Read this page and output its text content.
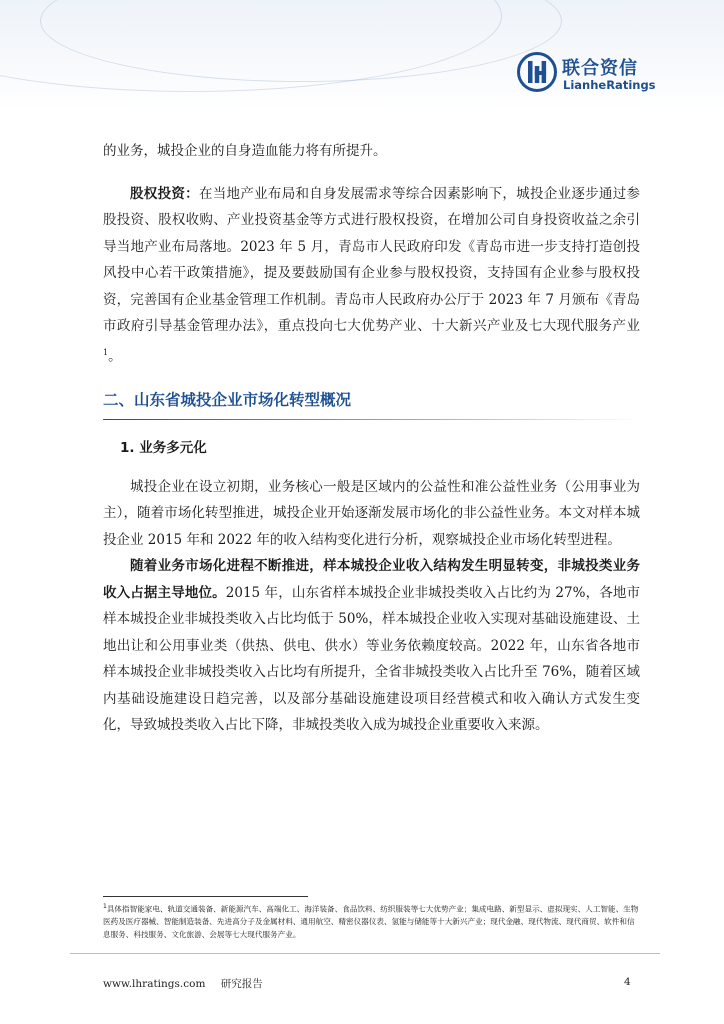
联合资信
LianheRatings

的业务，城投企业的自身造血能力将有所提升。

股权投资：在当地产业布局和自身发展需求等综合因素影响下，城投企业逐步通过参股投资、股权收购、产业投资基金等方式进行股权投资，在增加公司自身投资收益之余引导当地产业布局落地。2023 年 5 月，青岛市人民政府印发《青岛市进一步支持打造创投风投中心若干政策措施》，提及要鼓励国有企业参与股权投资，支持国有企业参与股权投资，完善国有企业基金管理工作机制。青岛市人民政府办公厅于 2023 年 7 月颁布《青岛市政府引导基金管理办法》，重点投向七大优势产业、十大新兴产业及七大现代服务产业$^1$。

二、山东省城投企业市场化转型概况
1. 业务多元化

城投企业在设立初期，业务核心一般是区域内的公益性和准公益性业务（公用事业为主），随着市场化转型推进，城投企业开始逐渐发展市场化的非公益性业务。本文对样本城投企业 2015 年和 2022 年的收入结构变化进行分析，观察城投企业市场化转型进程。

随着业务市场化进程不断推进，样本城投企业收入结构发生明显转变，非城投类业务收入占据主导地位。2015 年，山东省样本城投企业非城投类收入占比约为 27%，各地市样本城投企业非城投类收入占比均低于 50%，样本城投企业收入实现对基础设施建设、土地出让和公用事业类（供热、供电、供水）等业务依赖度较高。2022 年，山东省各地市样本城投企业非城投类收入占比均有所提升，全省非城投类收入占比升至 76%，随着区域内基础设施建设日趋完善，以及部分基础设施建设项目经营模式和收入确认方式发生变化，导致城投类收入占比下降，非城投类收入成为城投企业重要收入来源。

$^1$具体指智能家电、轨道交通装备、新能源汽车、高端化工、海洋装备、食品饮料、纺织服装等七大优势产业；集成电路、新型显示、虚拟现实、人工智能、生物医药及医疗器械、智能制造装备、先进高分子及金属材料、通用航空、精密仪器仪表、氢能与储能等十大新兴产业；现代金融、现代物流、现代商贸、软件和信息服务、科技服务、文化旅游、会展等七大现代服务产业。
www.lhratings.com 研究报告	4
